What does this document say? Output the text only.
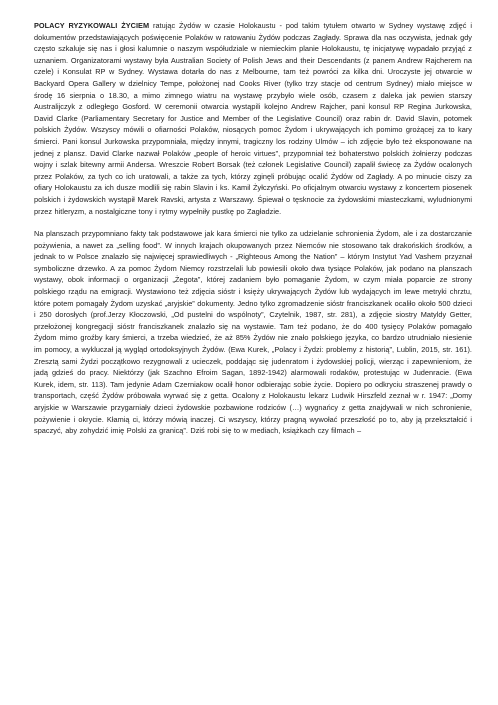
POLACY RYZYKOWALI ŻYCIEM ratując Żydów w czasie Holokaustu - pod takim tytułem otwarto w Sydney wystawę zdjęć i dokumentów przedstawiających poświęcenie Polaków w ratowaniu Żydów podczas Zagłady. Sprawa dla nas oczywista, jednak gdy często szkaluje się nas i głosi kalumnie o naszym współudziale w niemieckim planie Holokaustu, tę inicjatywę wypadało przyjąć z uznaniem. Organizatorami wystawy była Australian Society of Polish Jews and their Descendants (z panem Andrew Rajcherem na czele) i Konsulat RP w Sydney. Wystawa dotarła do nas z Melbourne, tam też powróci za kilka dni. Uroczyste jej otwarcie w Backyard Opera Gallery w dzielnicy Tempe, położonej nad Cooks River (tylko trzy stacje od centrum Sydney) miało miejsce w środę 16 sierpnia o 18.30, a mimo zimnego wiatru na wystawę przybyło wiele osób, czasem z daleka jak pewien starszy Australijczyk z odległego Gosford. W ceremonii otwarcia wystąpili kolejno Andrew Rajcher, pani konsul RP Regina Jurkowska, David Clarke (Parliamentary Secretary for Justice and Member of the Legislative Council) oraz rabin dr. David Slavin, potomek polskich Żydów. Wszyscy mówili o ofiarności Polaków, niosących pomoc Żydom i ukrywających ich pomimo grożącej za to kary śmierci. Pani konsul Jurkowska przypomniała, między innymi, tragiczny los rodziny Ulmów – ich zdjęcie było też eksponowane na jednej z plansz. David Clarke nazwał Polaków „people of heroic virtues”, przypomniał też bohaterstwo polskich żołnierzy podczas wojny i szlak bitewny armii Andersa. Wreszcie Robert Borsak (też członek Legislative Council) zapalił świecę za Żydów ocalonych przez Polaków, za tych co ich uratowali, a także za tych, którzy zginęli próbując ocalić Żydów od Zagłady. A po minucie ciszy za ofiary Holokaustu za ich dusze modlili się rabin Slavin i ks. Kamil Żyłczyński. Po oficjalnym otwarciu wystawy z koncertem piosenek polskich i żydowskich wystąpił Marek Ravski, artysta z Warszawy. Śpiewał o tęsknocie za żydowskimi miasteczkami, wyludnionymi przez hitleryzm, a nostalgiczne tony i rytmy wypełniły pustkę po Zagładzie.

Na planszach przypomniano fakty tak podstawowe jak kara śmierci nie tylko za udzielanie schronienia Żydom, ale i za dostarczanie pożywienia, a nawet za „selling food”. W innych krajach okupowanych przez Niemców nie stosowano tak drakońskich środków, a jednak to w Polsce znalazło się najwięcej sprawiedliwych - „Righteous Among the Nation” – którym Instytut Yad Vashem przyznał symboliczne drzewko. A za pomoc Żydom Niemcy rozstrzelali lub powiesili około dwa tysiące Polaków, jak podano na planszach wystawy, obok informacji o organizacji „Żegota”, której zadaniem było pomaganie Żydom, w czym miała poparcie ze strony polskiego rządu na emigracji. Wystawiono też zdjęcia sióstr i księży ukrywających Żydów lub wydających im lewe metryki chrztu, które potem pomagały Żydom uzyskać „aryjskie” dokumenty. Jedno tylko zgromadzenie sióstr franciszkanek ocaliło około 500 dzieci i 250 dorosłych (prof.Jerzy Kłoczowski, „Od pustelni do wspólnoty”, Czytelnik, 1987, str. 281), a zdjęcie siostry Matyldy Getter, przełożonej kongregacji sióstr franciszkanek znalazło się na wystawie. Tam też podano, że do 400 tysięcy Polaków pomagało Żydom mimo groźby kary śmierci, a trzeba wiedzieć, że aż 85% Żydów nie znało polskiego języka, co bardzo utrudniało niesienie im pomocy, a wykluczał ją wygląd ortodoksyjnych Żydów. (Ewa Kurek, „Polacy i Żydzi: problemy z historią”, Lublin, 2015, str. 161). Zresztą sami Żydzi początkowo rezygnowali z ucieczek, poddając się judenratom i żydowskiej policji, wierząc i zapewnieniom, że jadą gdzieś do pracy. Niektórzy (jak Szachno Efroim Sagan, 1892-1942) alarmowali rodaków, protestując w Judenracie. (Ewa Kurek, idem, str. 113). Tam jedynie Adam Czerniakow ocalił honor odbierając sobie życie. Dopiero po odkryciu straszenej prawdy o transportach, część Żydów próbowała wyrwać się z getta. Ocalony z Holokaustu lekarz Ludwik Hirszfeld zeznał w r. 1947: „Domy aryjskie w Warszawie przygarniały dzieci żydowskie pozbawione rodziców (…) wygnańcy z getta znajdywali w nich schronienie, pożywienie i okrycie. Kłamią ci, którzy mówią inaczej. Ci wszyscy, którzy pragną wywołać przeszłość po to, aby ją przekształcić i spaczyć, aby zohydzić imię Polski za granicą”. Dziś robi się to w mediach, książkach czy filmach –
